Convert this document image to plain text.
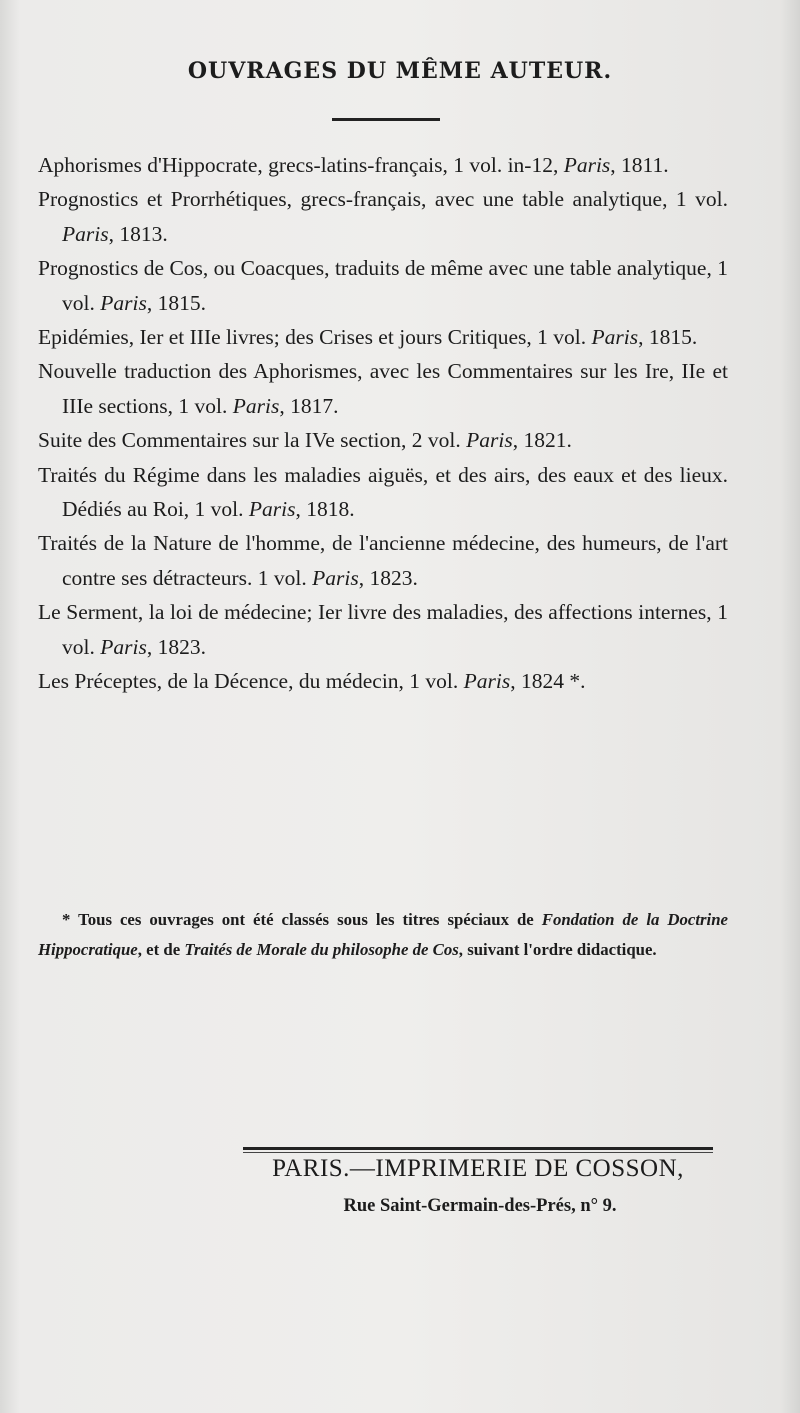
OUVRAGES DU MÊME AUTEUR.
Aphorismes d'Hippocrate, grecs-latins-français, 1 vol. in-12, Paris, 1811.
Prognostics et Prorrhétiques, grecs-français, avec une table analytique, 1 vol. Paris, 1813.
Prognostics de Cos, ou Coacques, traduits de même avec une table analytique, 1 vol. Paris, 1815.
Epidémies, Ier et IIIe livres; des Crises et jours Critiques, 1 vol. Paris, 1815.
Nouvelle traduction des Aphorismes, avec les Commentaires sur les Ire, IIe et IIIe sections, 1 vol. Paris, 1817.
Suite des Commentaires sur la IVe section, 2 vol. Paris, 1821.
Traités du Régime dans les maladies aiguës, et des airs, des eaux et des lieux. Dédiés au Roi, 1 vol. Paris, 1818.
Traités de la Nature de l'homme, de l'ancienne médecine, des humeurs, de l'art contre ses détracteurs. 1 vol. Paris, 1823.
Le Serment, la loi de médecine; Ier livre des maladies, des affections internes, 1 vol. Paris, 1823.
Les Préceptes, de la Décence, du médecin, 1 vol. Paris, 1824 *.
* Tous ces ouvrages ont été classés sous les titres spéciaux de Fondation de la Doctrine Hippocratique, et de Traités de Morale du philosophe de Cos, suivant l'ordre didactique.
PARIS.—IMPRIMERIE DE COSSON,
Rue Saint-Germain-des-Prés, n° 9.
